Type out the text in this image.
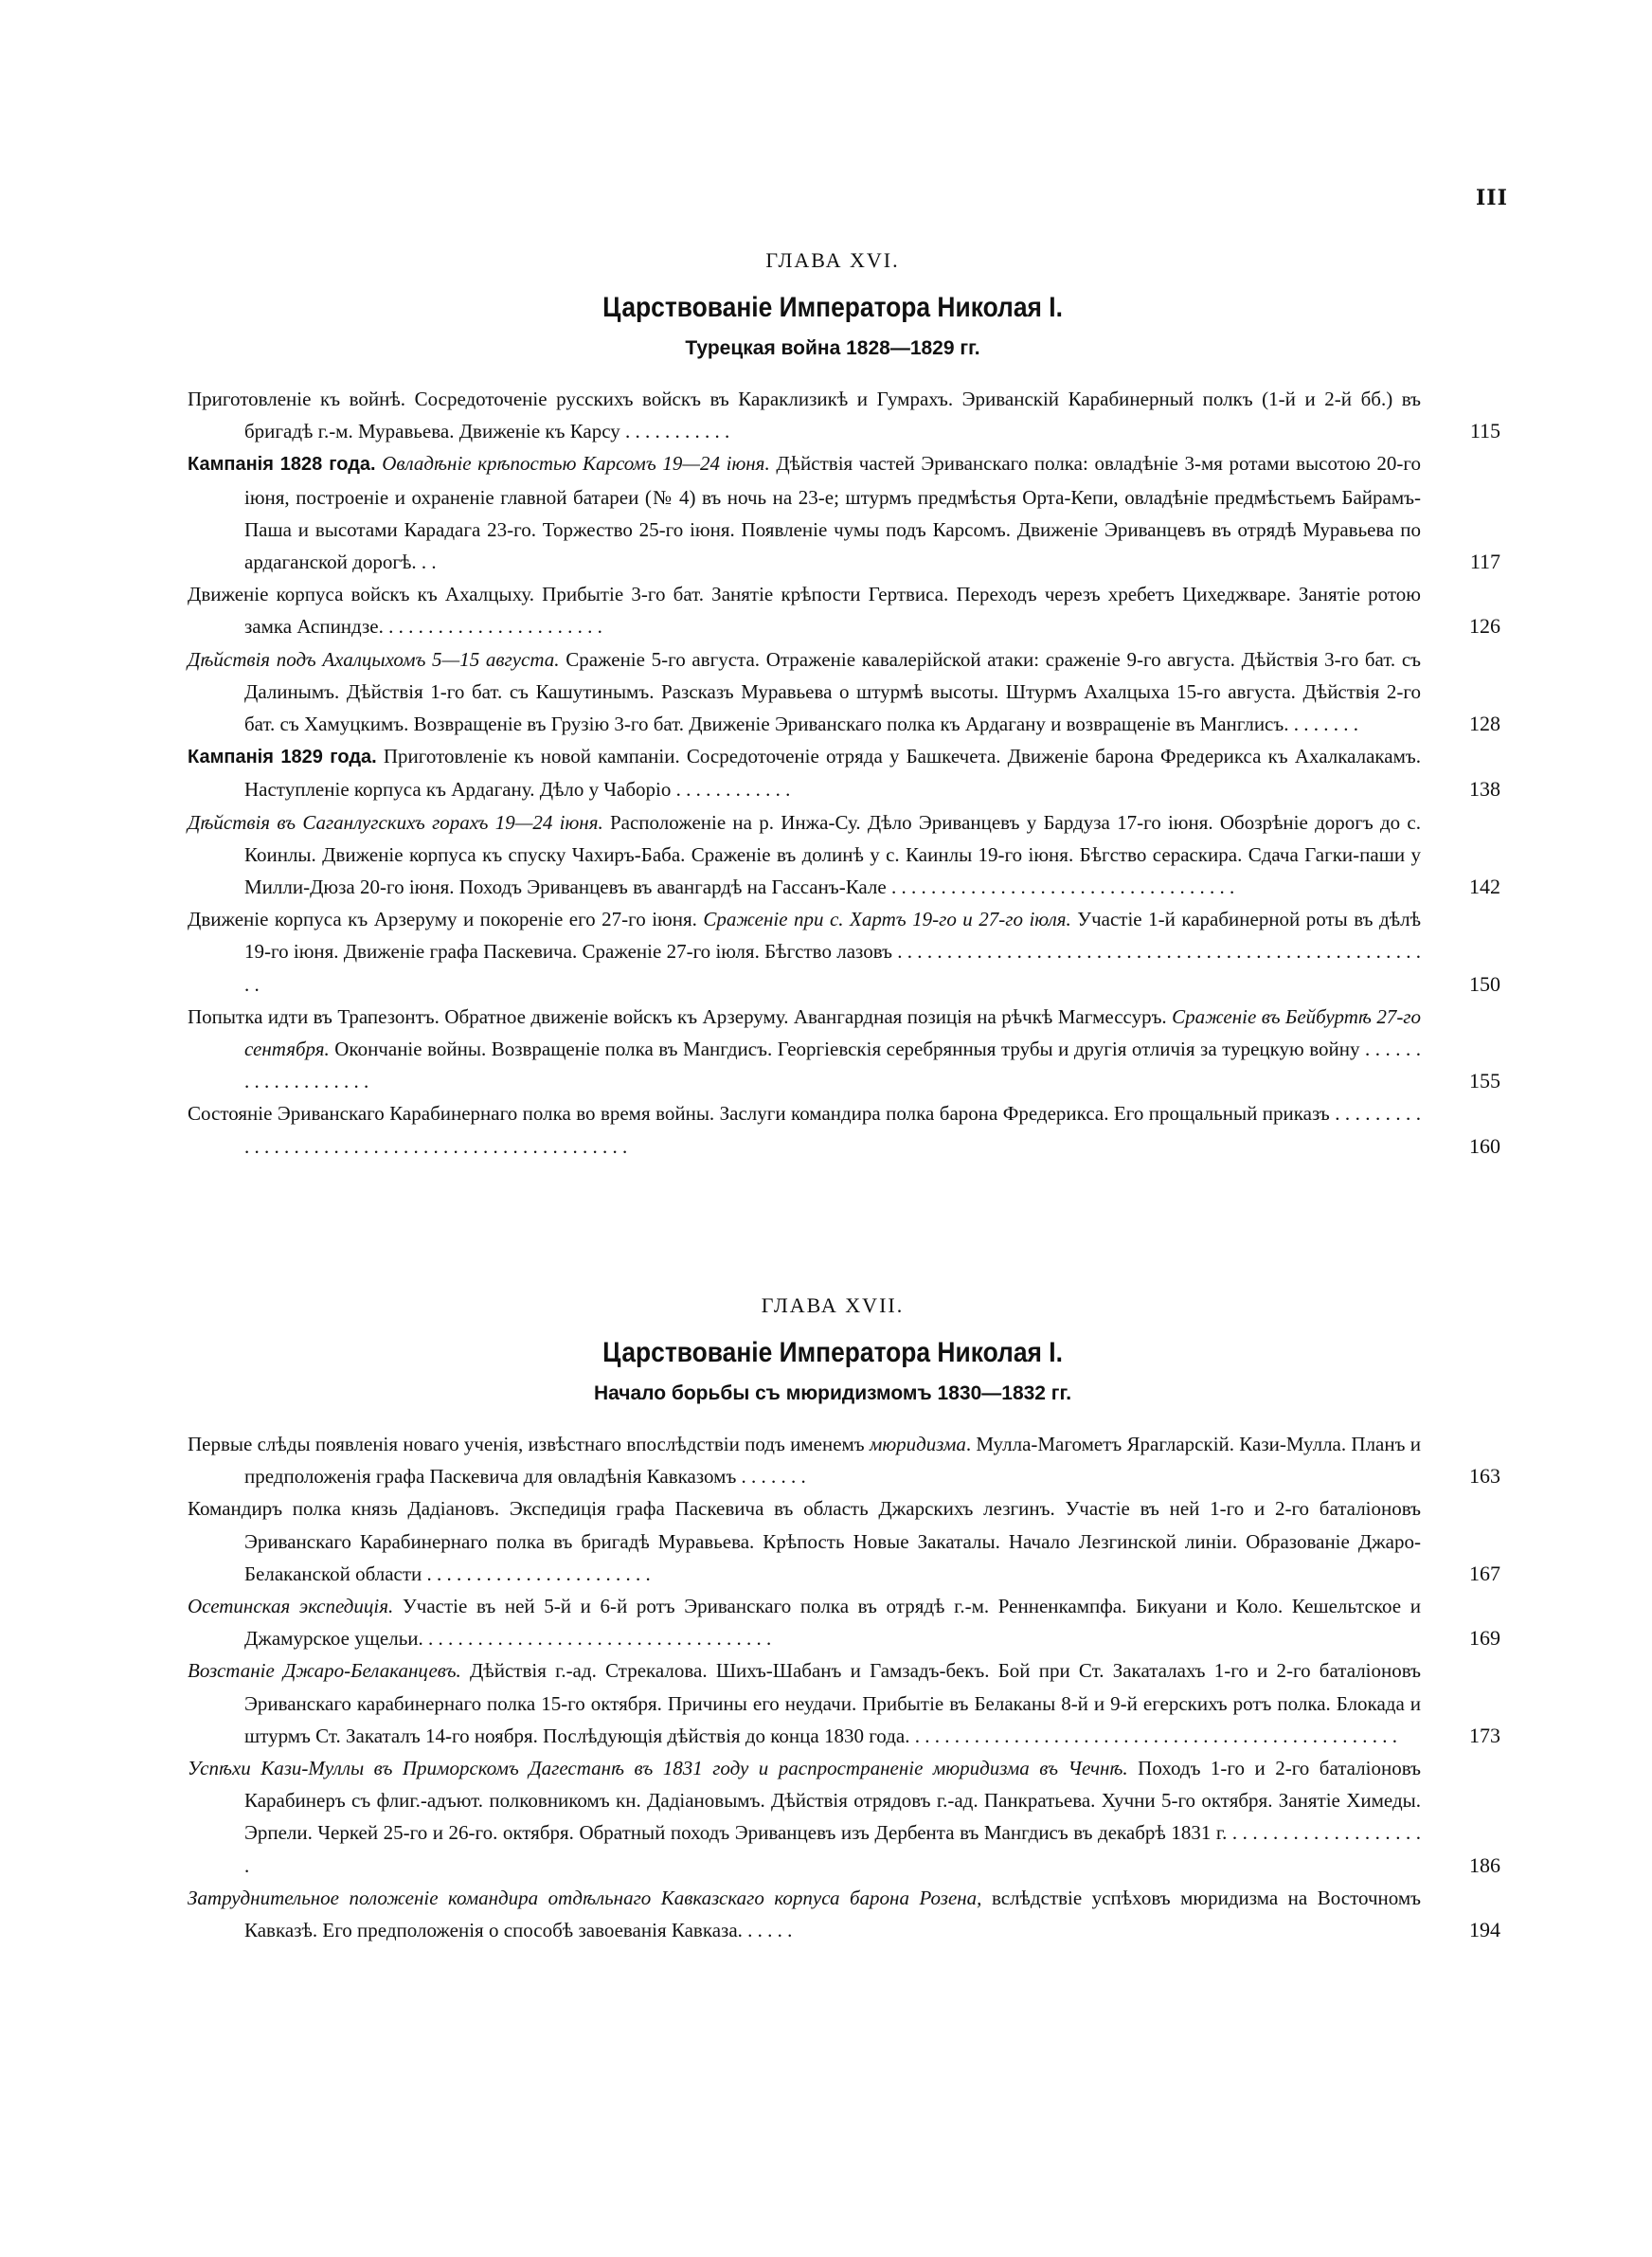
III
ГЛАВА XVI.
Царствованіе Императора Николая I.
Турецкая война 1828—1829 гг.
Приготовленіе къ войнѣ. Сосредоточеніе русскихъ войскъ въ Караклизикѣ и Гумрахъ. Эриванскій Карабинерный полкъ (1-й и 2-й бб.) въ бригадѣ г.-м. Муравьева. Движеніе къ Карсу . . . . . . . . . . .	115
Кампанія 1828 года. Овладѣніе крѣпостью Карсомъ 19—24 іюня. Дѣйствія частей Эриванскаго полка: овладѣніе 3-мя ротами высотою 20-го іюня, построеніе и охраненіе главной батареи (№ 4) въ ночь на 23-е; штурмъ предмѣстья Орта-Кепи, овладѣніе предмѣстьемъ Байрамъ-Паша и высотами Карадага 23-го. Торжество 25-го іюня. Появленіе чумы подъ Карсомъ. Движеніе Эриванцевъ въ отрядѣ Муравьева по ардаганской дорогѣ. . .	117
Движеніе корпуса войскъ къ Ахалцыху. Прибытіе 3-го бат. Занятіе крѣпости Гертвиса. Переходъ черезъ хребетъ Цихеджваре. Занятіе ротою замка Аспиндзе. . . . . . . . . . . . . . . . . . . . . . .	126
Дѣйствія подъ Ахалцыхомъ 5—15 августа. Сраженіе 5-го августа. Отраженіе кавалерійской атаки: сраженіе 9-го августа. Дѣйствія 3-го бат. съ Далинымъ. Дѣйствія 1-го бат. съ Кашутинымъ. Разсказъ Муравьева о штурмѣ высоты. Штурмъ Ахалцыха 15-го августа. Дѣйствія 2-го бат. съ Хамуцкимъ. Возвращеніе въ Грузію 3-го бат. Движеніе Эриванскаго полка къ Ардагану и возвращеніе въ Манглисъ. . . . . . . .	128
Кампанія 1829 года. Приготовленіе къ новой кампаніи. Сосредоточеніе отряда у Башкечета. Движеніе барона Фредерикса къ Ахалкалакамъ. Наступленіе корпуса къ Ардагану. Дѣло у Чаборіо . . . . . . . . . . . .	138
Дѣйствія въ Саганлугскихъ горахъ 19—24 іюня. Расположеніе на р. Инжа-Су. Дѣло Эриванцевъ у Бардуза 17-го іюня. Обозрѣніе дорогъ до с. Коинлы. Движеніе корпуса къ спуску Чахиръ-Баба. Сраженіе въ долинѣ у с. Каинлы 19-го іюня. Бѣгство сераскира. Сдача Гагки-паши у Милли-Дюза 20-го іюня. Походъ Эриванцевъ въ авангардѣ на Гассанъ-Кале . . . . . . . . . . . . . . . . . . . . . . . . . . . . . . . . . . .	142
Движеніе корпуса къ Арзеруму и покореніе его 27-го іюня. Сраженіе при с. Хартъ 19-го и 27-го іюля. Участіе 1-й карабинерной роты въ дѣлѣ 19-го іюня. Движеніе графа Паскевича. Сраженіе 27-го іюля. Бѣгство лазовъ . . . . . . . . . . . . . . . . . . . . . . . . . . . . . . . . . . . . . . . . . . . . . . . . . . . . . . .	150
Попытка идти въ Трапезонтъ. Обратное движеніе войскъ къ Арзеруму. Авангардная позиція на рѣчкѣ Магмессуръ. Сраженіе въ Бейбуртѣ 27-го сентября. Окончаніе войны. Возвращеніе полка въ Мангдисъ. Георгіевскія серебрянныя трубы и другія отличія за турецкую войну . . . . . . . . . . . . . . . . . . .	155
Состояніе Эриванскаго Карабинернаго полка во время войны. Заслуги командира полка барона Фредерикса. Его прощальный приказъ . . . . . . . . . . . . . . . . . . . . . . . . . . . . . . . . . . . . . . . . . . . . . . . .	160
ГЛАВА XVII.
Царствованіе Императора Николая I.
Начало борьбы съ мюридизмомъ 1830—1832 гг.
Первые слѣды появленія новаго ученія, извѣстнаго впослѣдствіи подъ именемъ мюридизма. Мулла-Магометъ Ярагларскій. Кази-Мулла. Планъ и предположенія графа Паскевича для овладѣнія Кавказомъ . . . . . . .	163
Командиръ полка князь Дадіановъ. Экспедиція графа Паскевича въ область Джарскихъ лезгинъ. Участіе въ ней 1-го и 2-го баталіоновъ Эриванскаго Карабинернаго полка въ бригадѣ Муравьева. Крѣпость Новые Закаталы. Начало Лезгинской линіи. Образованіе Джаро-Белаканской области . . . . . . . . . . . . . . . . . . . . . . .	167
Осетинская экспедиція. Участіе въ ней 5-й и 6-й ротъ Эриванскаго полка въ отрядѣ г.-м. Ренненкампфа. Бикуани и Коло. Кешельтское и Джамурское ущельи. . . . . . . . . . . . . . . . . . . . . . . . . . . . . . . . . . . .	169
Возстаніе Джаро-Белаканцевъ. Дѣйствія г.-ад. Стрекалова. Шихъ-Шабанъ и Гамзадъ-бекъ. Бой при Ст. Закаталахъ 1-го и 2-го баталіоновъ Эриванскаго карабинернаго полка 15-го октября. Причины его неудачи. Прибытіе въ Белаканы 8-й и 9-й егерскихъ ротъ полка. Блокада и штурмъ Ст. Закаталъ 14-го ноября. Послѣдующія дѣйствія до конца 1830 года. . . . . . . . . . . . . . . . . . . . . . . . . . . . . . . . . . . . . . . . . . . . . . . . . .	173
Успѣхи Кази-Муллы въ Приморскомъ Дагестанѣ въ 1831 году и распространеніе мюридизма въ Чечнѣ. Походъ 1-го и 2-го баталіоновъ Карабинеръ съ флиг.-адъют. полковникомъ кн. Дадіановымъ. Дѣйствія отрядовъ г.-ад. Панкратьева. Хучни 5-го октября. Занятіе Химеды. Эрпели. Черкей 25-го и 26-го. октября. Обратный походъ Эриванцевъ изъ Дербента въ Мангдисъ въ декабрѣ 1831 г. . . . . . . . . . . . . . . . . . . . .	186
Затруднительное положеніе командира отдѣльнаго Кавказскаго корпуса барона Розена, вслѣдствіе успѣховъ мюридизма на Восточномъ Кавказѣ. Его предположенія о способѣ завоеванія Кавказа. . . . . .	194
